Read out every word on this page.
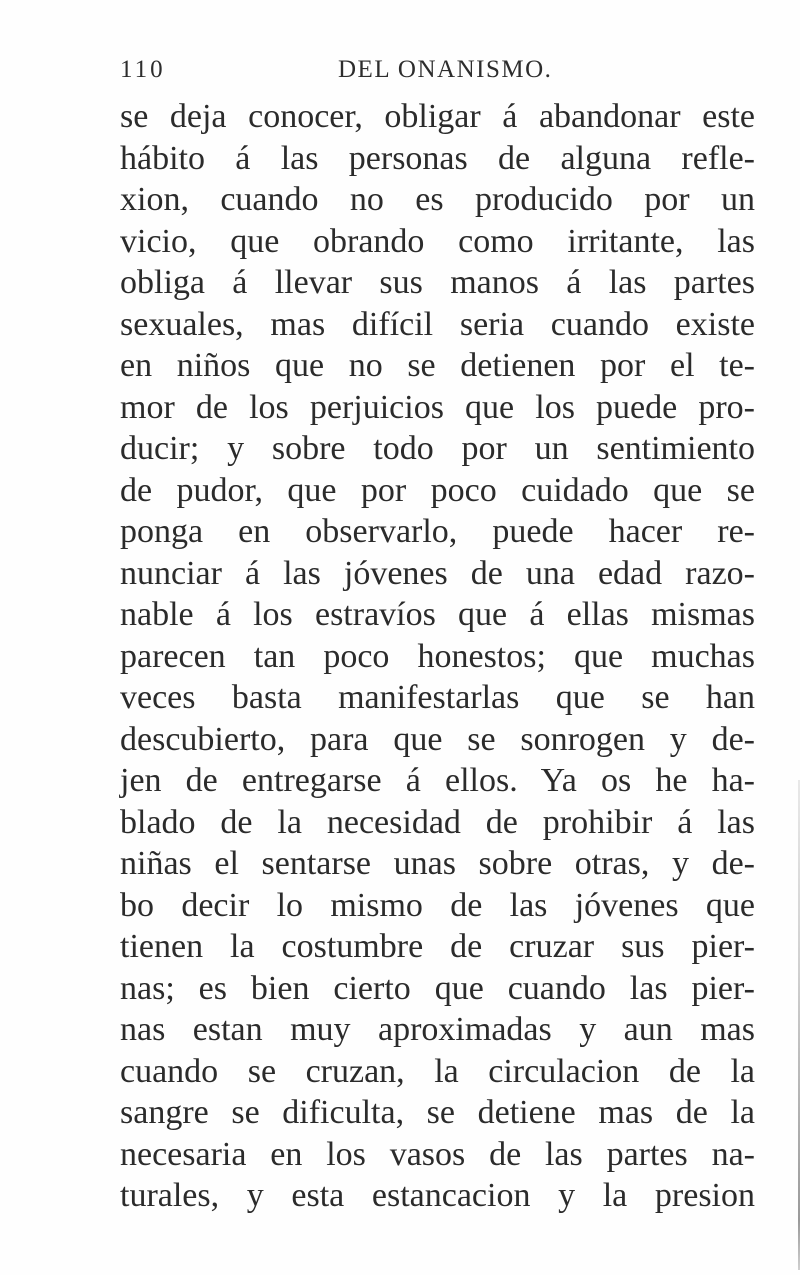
110	DEL ONANISMO.
se deja conocer, obligar á abandonar este
hábito á las personas de alguna refle-
xion, cuando no es producido por un
vicio, que obrando como irritante, las
obliga á llevar sus manos á las partes
sexuales, mas difícil seria cuando existe
en niños que no se detienen por el te-
mor de los perjuicios que los puede pro-
ducir; y sobre todo por un sentimiento
de pudor, que por poco cuidado que se
ponga en observarlo, puede hacer re-
nunciar á las jóvenes de una edad razo-
nable á los estravíos que á ellas mismas
parecen tan poco honestos; que muchas
veces basta manifestarlas que se han
descubierto, para que se sonrogen y de-
jen de entregarse á ellos. Ya os he ha-
blado de la necesidad de prohibir á las
niñas el sentarse unas sobre otras, y de-
bo decir lo mismo de las jóvenes que
tienen la costumbre de cruzar sus pier-
nas; es bien cierto que cuando las pier-
nas estan muy aproximadas y aun mas
cuando se cruzan, la circulacion de la
sangre se dificulta, se detiene mas de la
necesaria en los vasos de las partes na-
turales, y esta estancacion y la presion
